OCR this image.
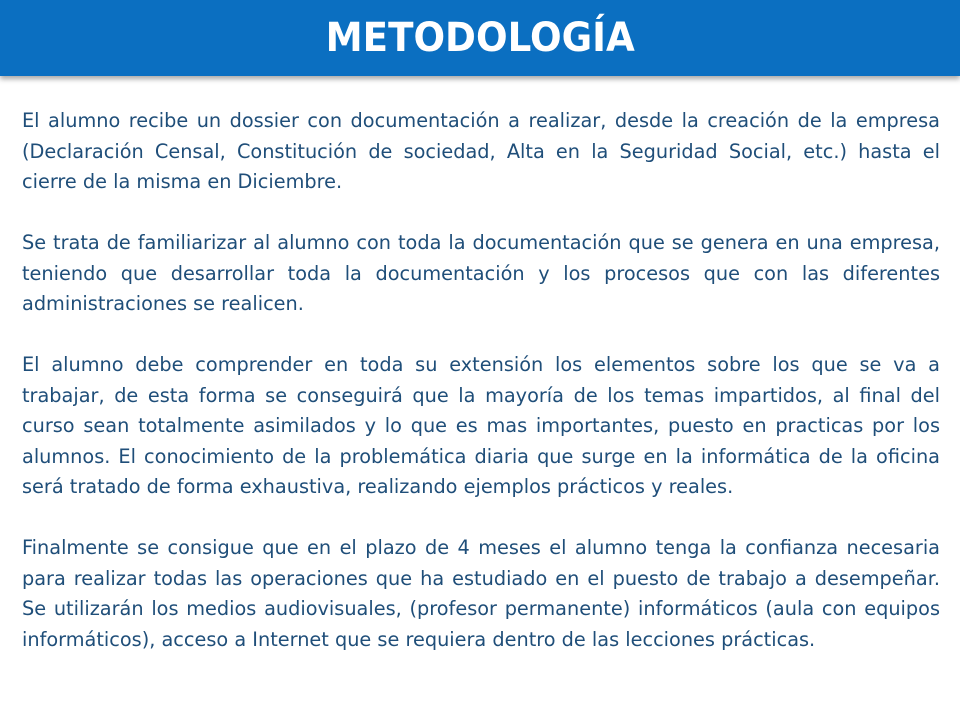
METODOLOGÍA

El alumno recibe un dossier con documentación a realizar, desde la creación de la empresa (Declaración Censal, Constitución de sociedad, Alta en la Seguridad Social, etc.) hasta el cierre de la misma en Diciembre.

Se trata de familiarizar al alumno con toda la documentación que se genera en una empresa, teniendo que desarrollar toda la documentación y los procesos que con las diferentes administraciones se realicen.

El alumno debe comprender en toda su extensión los elementos sobre los que se va a trabajar, de esta forma se conseguirá que la mayoría de los temas impartidos, al final del curso sean totalmente asimilados y lo que es mas importantes, puesto en practicas por los alumnos. El conocimiento de la problemática diaria que surge en la informática de la oficina será tratado de forma exhaustiva, realizando ejemplos prácticos y reales.

Finalmente se consigue que en el plazo de 4 meses el alumno tenga la confianza necesaria para realizar todas las operaciones que ha estudiado en el puesto de trabajo a desempeñar. Se utilizarán los medios audiovisuales, (profesor permanente) informáticos (aula con equipos informáticos), acceso a Internet que se requiera dentro de las lecciones prácticas.
